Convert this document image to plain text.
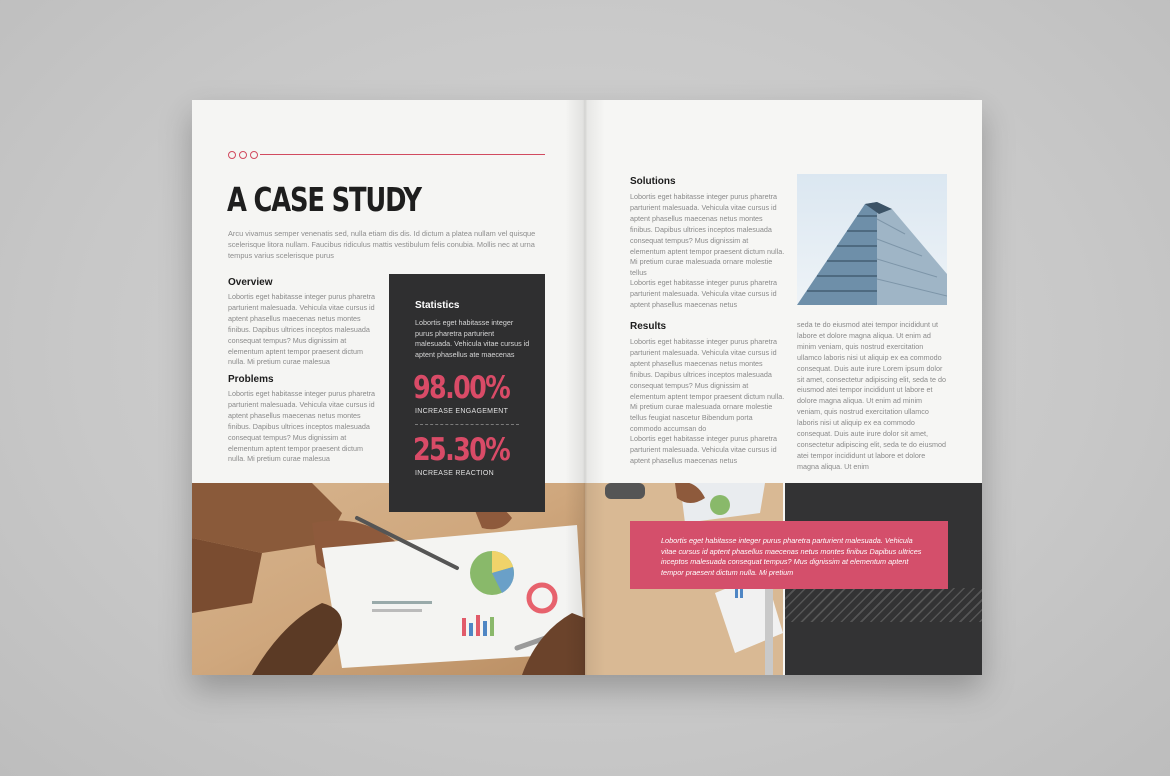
A CASE STUDY
Arcu vivamus semper venenatis sed, nulla etiam dis dis. Id dictum a platea nullam vel quisque scelerisque litora nullam. Faucibus ridiculus mattis vestibulum felis conubia. Mollis nec at urna tempus varius scelerisque purus
Overview
Lobortis eget habitasse integer purus pharetra parturient malesuada. Vehicula vitae cursus id aptent phasellus maecenas netus montes finibus. Dapibus ultrices inceptos malesuada consequat tempus? Mus dignissim at elementum aptent tempor praesent dictum nulla. Mi pretium curae malesua
Problems
Lobortis eget habitasse integer purus pharetra parturient malesuada. Vehicula vitae cursus id aptent phasellus maecenas netus montes finibus. Dapibus ultrices inceptos malesuada consequat tempus? Mus dignissim at elementum aptent tempor praesent dictum nulla. Mi pretium curae malesua
Statistics
Lobortis eget habitasse integer purus pharetra parturient malesuada. Vehicula vitae cursus id aptent phasellus ate maecenas
98.00%
INCREASE ENGAGEMENT
25.30%
INCREASE REACTION
Solutions
Lobortis eget habitasse integer purus pharetra parturient malesuada. Vehicula vitae cursus id aptent phasellus maecenas netus montes finibus. Dapibus ultrices inceptos malesuada consequat tempus? Mus dignissim at elementum aptent tempor praesent dictum nulla. Mi pretium curae malesuada ornare molestie tellus
Lobortis eget habitasse integer purus pharetra parturient malesuada. Vehicula vitae cursus id aptent phasellus maecenas netus
Results
Lobortis eget habitasse integer purus pharetra parturient malesuada. Vehicula vitae cursus id aptent phasellus maecenas netus montes finibus. Dapibus ultrices inceptos malesuada consequat tempus? Mus dignissim at elementum aptent tempor praesent dictum nulla. Mi pretium curae malesuada ornare molestie tellus feugiat nascetur Bibendum porta commodo accumsan do
Lobortis eget habitasse integer purus pharetra parturient malesuada. Vehicula vitae cursus id aptent phasellus maecenas netus
seda te do eiusmod atei tempor incididunt ut labore et dolore magna aliqua. Ut enim ad minim veniam, quis nostrud exercitation ullamco laboris nisi ut aliquip ex ea commodo consequat. Duis aute irure Lorem ipsum dolor sit amet, consectetur adipiscing elit, seda te do eiusmod atei tempor incididunt ut labore et dolore magna aliqua. Ut enim ad minim veniam, quis nostrud exercitation ullamco laboris nisi ut aliquip ex ea commodo consequat. Duis aute irure dolor sit amet, consectetur adipiscing elit, seda te do eiusmod atei tempor incididunt ut labore et dolore magna aliqua. Ut enim
Lobortis eget habitasse integer purus pharetra parturient malesuada. Vehicula vitae cursus id aptent phasellus maecenas netus montes finibus Dapibus ultrices inceptos malesuada consequat tempus? Mus dignissim at elementum aptent tempor praesent dictum nulla. Mi pretium
